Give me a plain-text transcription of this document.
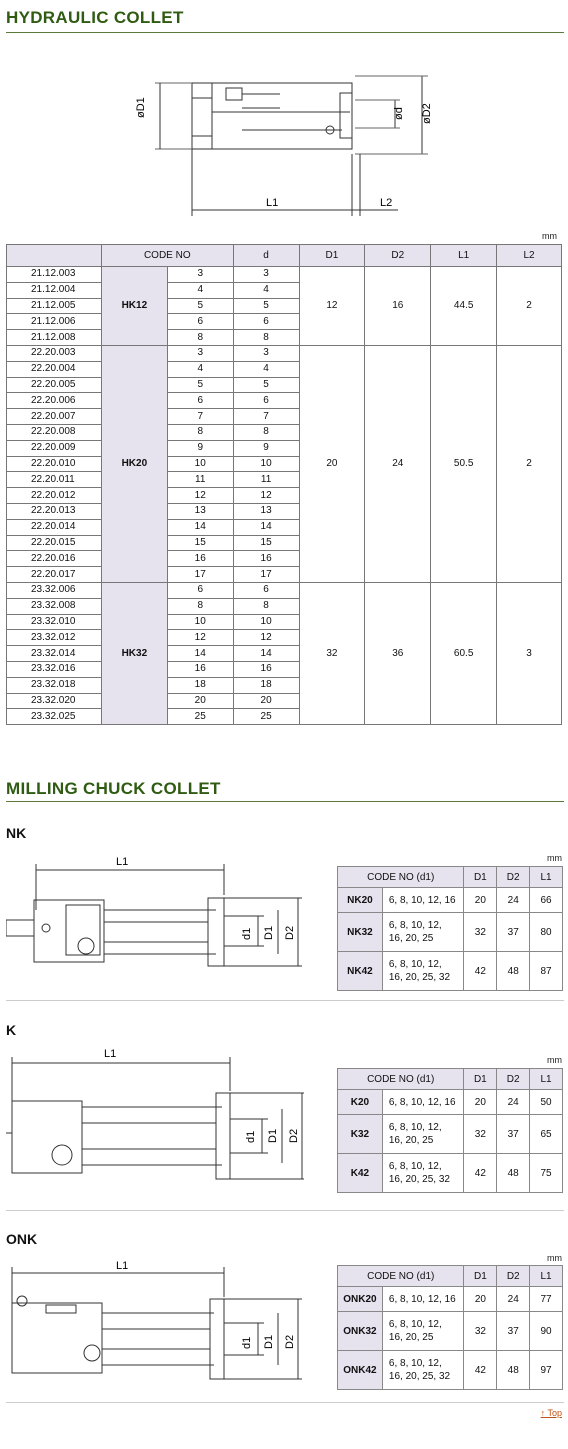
HYDRAULIC COLLET
øD1	ød øD2
L1	L2
mm
	CODE NO		d	D1	D2	L1	L2
21.12.003	HK12	3	3	12	16	44.5	2
21.12.004		4	4				
21.12.005		5	5				
21.12.006		6	6				
21.12.008		8	8				
22.20.003	HK20	3	3	20	24	50.5	2
22.20.004		4	4				
22.20.005		5	5				
22.20.006		6	6				
22.20.007		7	7				
22.20.008		8	8				
22.20.009		9	9				
22.20.010		10	10				
22.20.011		11	11				
22.20.012		12	12				
22.20.013		13	13				
22.20.014		14	14				
22.20.015		15	15				
22.20.016		16	16				
22.20.017		17	17				
23.32.006	HK32	6	6	32	36	60.5	3
23.32.008		8	8				
23.32.010		10	10				
23.32.012		12	12				
23.32.014		14	14				
23.32.016		16	16				
23.32.018		18	18				
23.32.020		20	20				
23.32.025		25	25				
MILLING CHUCK COLLET
NK
L1
d1 D1 D2
mm
CODE NO (d1)		D1	D2	L1
NK20	6, 8, 10, 12, 16	20	24	66
NK32	6, 8, 10, 12, 16, 20, 25	32	37	80
NK42	6, 8, 10, 12, 16, 20, 25, 32	42	48	87
K
L1
d1 D1 D2
mm
CODE NO (d1)		D1	D2	L1
K20	6, 8, 10, 12, 16	20	24	50
K32	6, 8, 10, 12, 16, 20, 25	32	37	65
K42	6, 8, 10, 12, 16, 20, 25, 32	42	48	75
ONK
L1
d1 D1 D2
mm
CODE NO (d1)		D1	D2	L1
ONK20	6, 8, 10, 12, 16	20	24	77
ONK32	6, 8, 10, 12, 16, 20, 25	32	37	90
ONK42	6, 8, 10, 12, 16, 20, 25, 32	42	48	97
↑ Top
